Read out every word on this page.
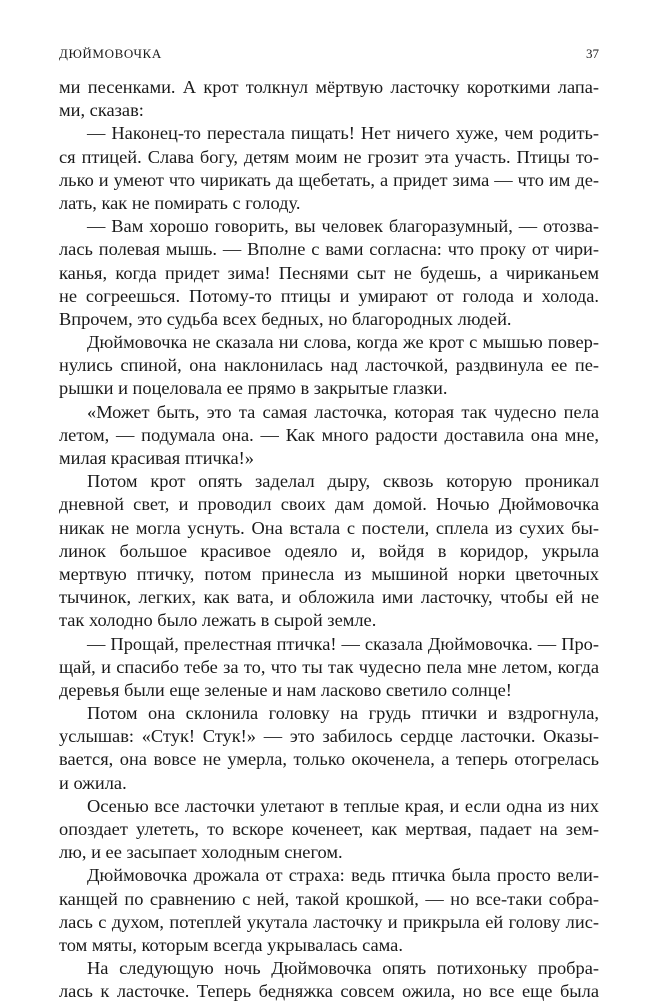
ДЮЙМОВОЧКА	37
ми песенками. А крот толкнул мёртвую ласточку короткими лапа-
ми, сказав:
— Наконец-то перестала пищать! Нет ничего хуже, чем родить-
ся птицей. Слава богу, детям моим не грозит эта участь. Птицы то-
лько и умеют что чирикать да щебетать, а придет зима — что им де-
лать, как не помирать с голоду.
— Вам хорошо говорить, вы человек благоразумный, — отозва-
лась полевая мышь. — Вполне с вами согласна: что проку от чири-
канья, когда придет зима! Песнями сыт не будешь, а чириканьем
не согреешься. Потому-то птицы и умирают от голода и холода.
Впрочем, это судьба всех бедных, но благородных людей.
Дюймовочка не сказала ни слова, когда же крот с мышью повер-
нулись спиной, она наклонилась над ласточкой, раздвинула ее пе-
рышки и поцеловала ее прямо в закрытые глазки.
«Может быть, это та самая ласточка, которая так чудесно пела
летом, — подумала она. — Как много радости доставила она мне,
милая красивая птичка!»
Потом крот опять заделал дыру, сквозь которую проникал
дневной свет, и проводил своих дам домой. Ночью Дюймовочка
никак не могла уснуть. Она встала с постели, сплела из сухих бы-
линок большое красивое одеяло и, войдя в коридор, укрыла
мертвую птичку, потом принесла из мышиной норки цветочных
тычинок, легких, как вата, и обложила ими ласточку, чтобы ей не
так холодно было лежать в сырой земле.
— Прощай, прелестная птичка! — сказала Дюймовочка. — Про-
щай, и спасибо тебе за то, что ты так чудесно пела мне летом, когда
деревья были еще зеленые и нам ласково светило солнце!
Потом она склонила головку на грудь птички и вздрогнула,
услышав: «Стук! Стук!» — это забилось сердце ласточки. Оказы-
вается, она вовсе не умерла, только окоченела, а теперь отогрелась
и ожила.
Осенью все ласточки улетают в теплые края, и если одна из них
опоздает улететь, то вскоре коченеет, как мертвая, падает на зем-
лю, и ее засыпает холодным снегом.
Дюймовочка дрожала от страха: ведь птичка была просто вели-
канщей по сравнению с ней, такой крошкой, — но все-таки собра-
лась с духом, потеплей укутала ласточку и прикрыла ей голову лис-
том мяты, которым всегда укрывалась сама.
На следующую ночь Дюймовочка опять потихоньку пробра-
лась к ласточке. Теперь бедняжка совсем ожила, но все еще была
